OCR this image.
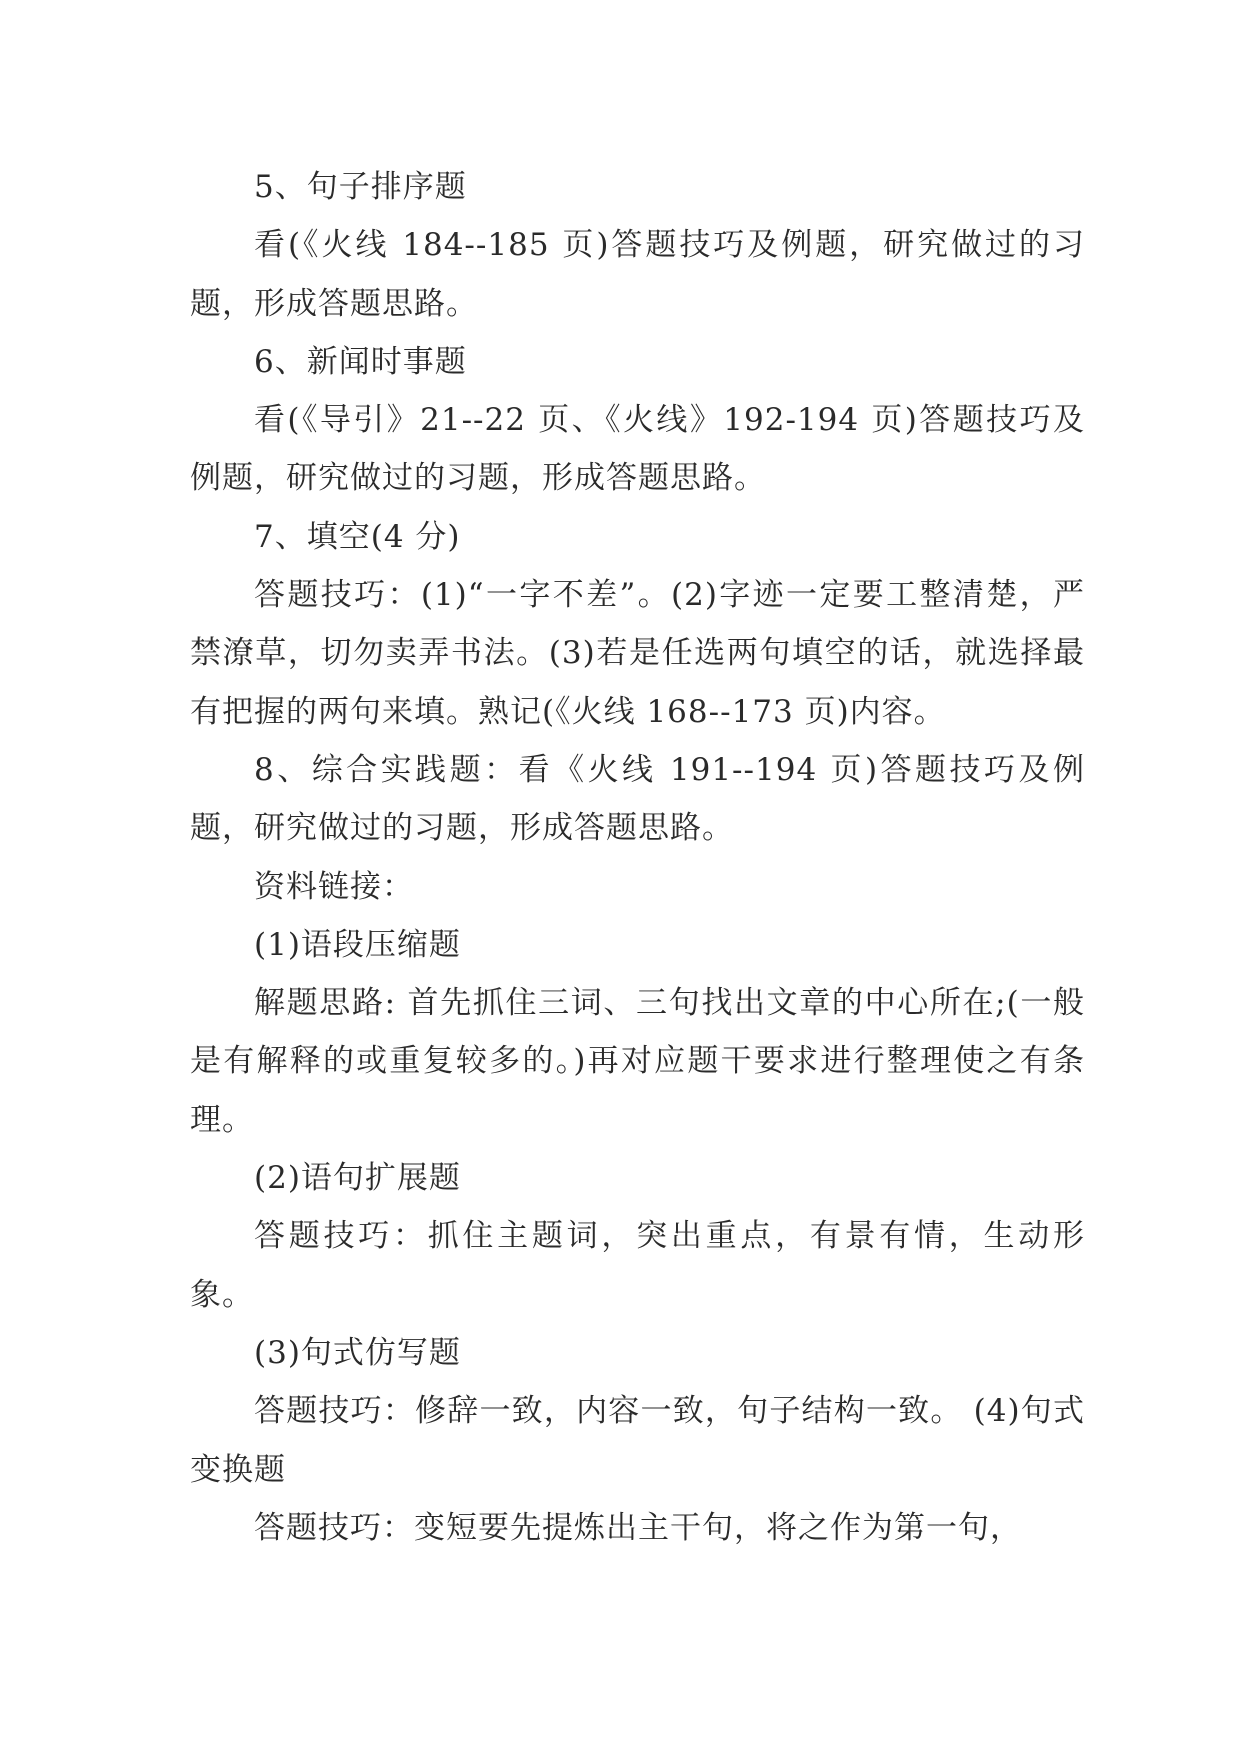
5、句子排序题

看(《火线 184--185 页)答题技巧及例题，研究做过的习题，形成答题思路。

6、新闻时事题

看(《导引》21--22 页、《火线》192-194 页)答题技巧及例题，研究做过的习题，形成答题思路。

7、填空(4 分)

答题技巧：(1)“一字不差”。(2)字迹一定要工整清楚，严禁潦草，切勿卖弄书法。(3)若是任选两句填空的话，就选择最有把握的两句来填。熟记(《火线 168--173 页)内容。

8、综合实践题：看《火线 191--194 页)答题技巧及例题，研究做过的习题，形成答题思路。

资料链接：

(1)语段压缩题

解题思路: 首先抓住三词、三句找出文章的中心所在;(一般是有解释的或重复较多的。)再对应题干要求进行整理使之有条理。

(2)语句扩展题

答题技巧：抓住主题词，突出重点，有景有情，生动形象。

(3)句式仿写题

答题技巧：修辞一致，内容一致，句子结构一致。 (4)句式变换题

答题技巧：变短要先提炼出主干句，将之作为第一句，
